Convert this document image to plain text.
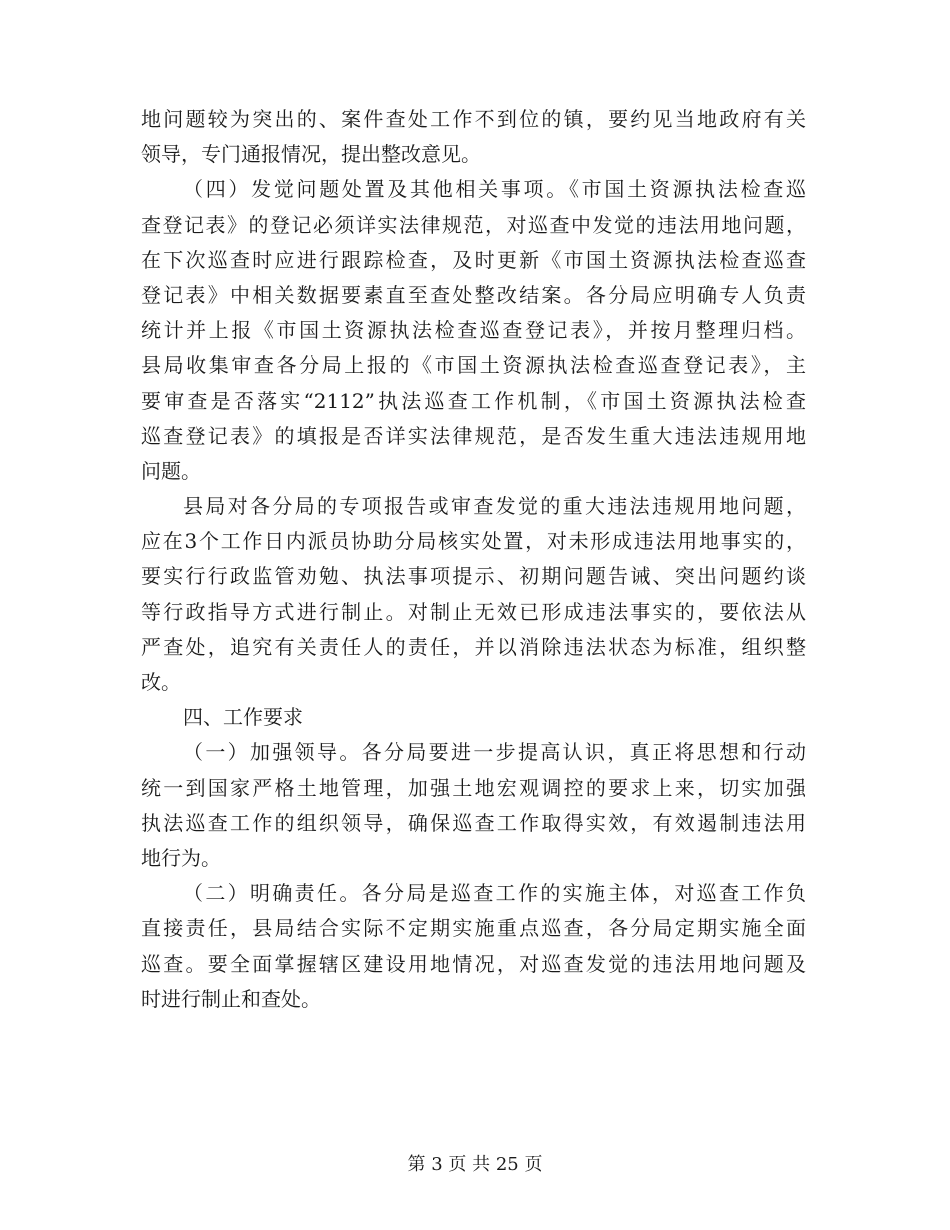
地问题较为突出的、案件查处工作不到位的镇，要约见当地政府有关
领导，专门通报情况，提出整改意见。
（四）发觉问题处置及其他相关事项。《市国土资源执法检查巡
查登记表》的登记必须详实法律规范，对巡查中发觉的违法用地问题，
在下次巡查时应进行跟踪检查，及时更新《市国土资源执法检查巡查
登记表》中相关数据要素直至查处整改结案。各分局应明确专人负责
统计并上报《市国土资源执法检查巡查登记表》，并按月整理归档。
县局收集审查各分局上报的《市国土资源执法检查巡查登记表》，主
要审查是否落实“2112”执法巡查工作机制，《市国土资源执法检查
巡查登记表》的填报是否详实法律规范，是否发生重大违法违规用地
问题。
县局对各分局的专项报告或审查发觉的重大违法违规用地问题，
应在3个工作日内派员协助分局核实处置，对未形成违法用地事实的，
要实行行政监管劝勉、执法事项提示、初期问题告诫、突出问题约谈
等行政指导方式进行制止。对制止无效已形成违法事实的，要依法从
严查处，追究有关责任人的责任，并以消除违法状态为标准，组织整
改。
四、工作要求
（一）加强领导。各分局要进一步提高认识，真正将思想和行动
统一到国家严格土地管理，加强土地宏观调控的要求上来，切实加强
执法巡查工作的组织领导，确保巡查工作取得实效，有效遏制违法用
地行为。
（二）明确责任。各分局是巡查工作的实施主体，对巡查工作负
直接责任，县局结合实际不定期实施重点巡查，各分局定期实施全面
巡查。要全面掌握辖区建设用地情况，对巡查发觉的违法用地问题及
时进行制止和查处。
第 3 页 共 25 页
